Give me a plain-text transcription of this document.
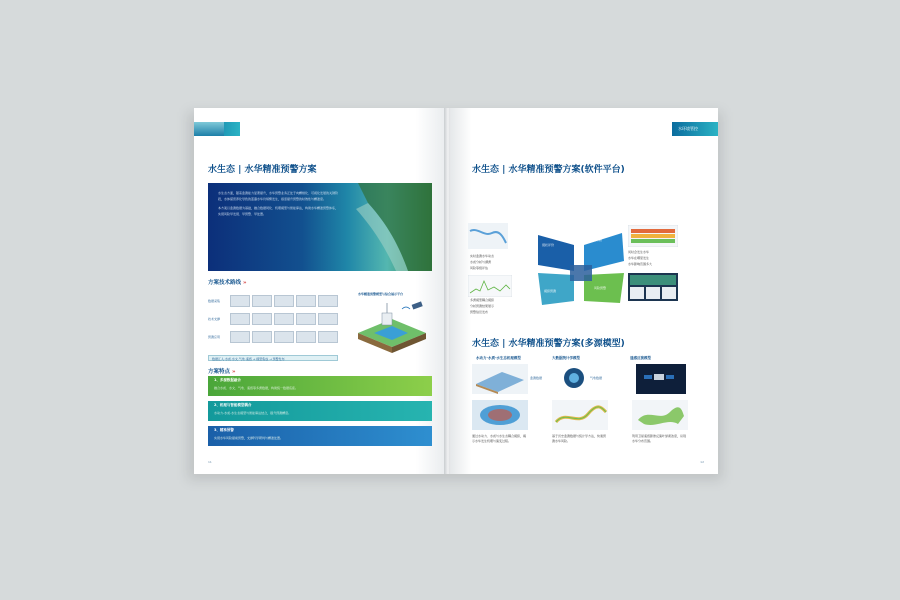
水生态 | 水华精准预警方案

水生态方面，随着监测能力显著提升，水华预警业务正处于向精细化、可视化发展的关键阶段，水体富营养化导致的蓝藻水华仍频繁发生，亟需提升预警的时效性与精准度。

本方案以监测数据为基础，融合数据同化、机理模型与智能算法，构建水华精准预警体系，实现风险早发现、早预警、早处置。

方案技术路线 »
数据采集
技术支撑
预测应用
水华精准预警模型与综合展示平台
数据汇入·水质·水文·气象·遥感 → 模型集成 → 预警发布
方案特点 »
1、多源数据融合
融合水质、水文、气象、遥感等多源数据，构建统一数据底座。
2、机理与智能模型耦合
水动力-水质-水生态模型与智能算法结合，提升预测精度。
3、精准预警
实现水华风险提前预警，支撑科学研判与精准处置。
11
水环境管控
水生态 | 水华精准预警方案(软件平台)
实时监测水华动态
水质分析与溯源
风险等级评估
多源模型耦合模拟
分析预测结果展示
预警信息发布
现状评价
监测分析
风险预警
模拟预测
何时会发生水华
水华在哪里发生
水华影响范围多大
水生态 | 水华精准预警方案(多源模型)
水动力-水质-水生态机理模型	大数据统计学模型	遥感反演模型
监测数据	气象数据
通过水动力、水质与水生态耦合模拟，揭示水华发生机理与演变过程。
基于历史监测数据与统计学方法，快速预测水华风险。
利用卫星遥感影像反演叶绿素浓度，识别水华分布范围。
12
